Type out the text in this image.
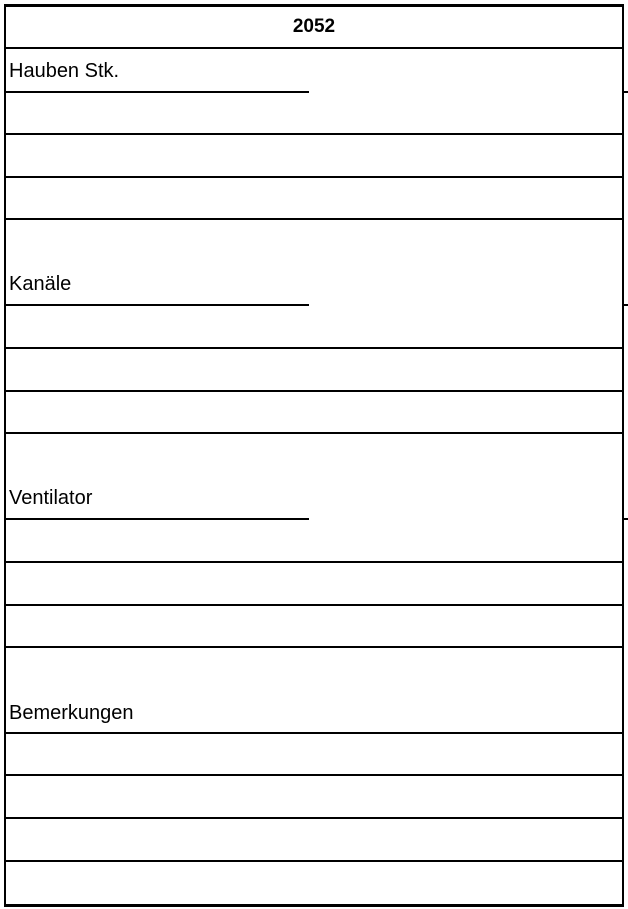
2052
Hauben Stk.
Kanäle
Ventilator
Bemerkungen
